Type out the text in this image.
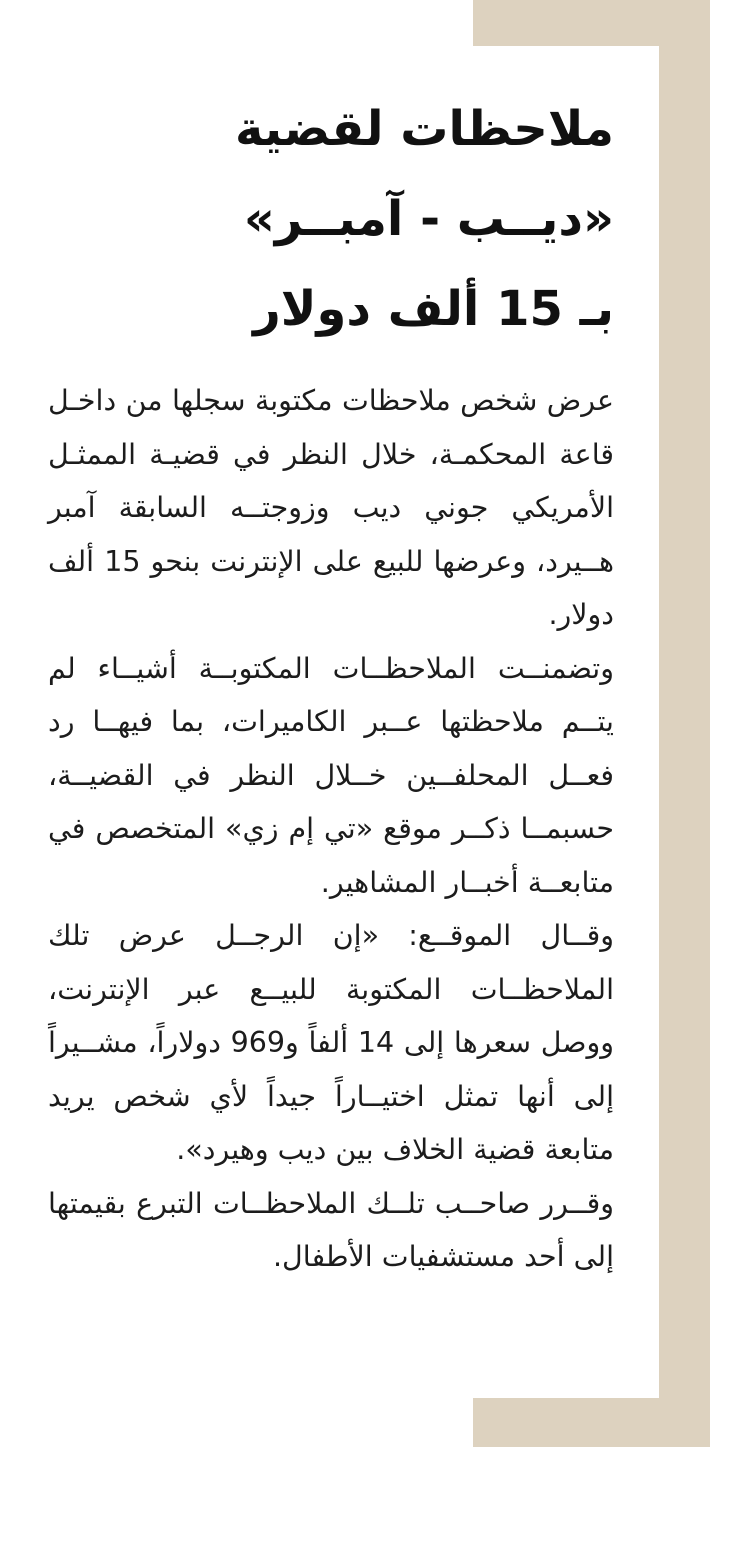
ملاحظات لقضية
«ديــب - آمبــر»
بـ 15 ألف دولار

عرض شخص ملاحظات مكتوبة سجلها من داخـل قاعة المحكمـة، خلال النظر في قضيـة الممثـل الأمريكي جوني ديب وزوجتــه السابقة آمبر هــيرد، وعرضها للبيع على الإنترنت بنحو 15 ألف دولار.

وتضمنــت الملاحظــات المكتوبــة أشيــاء لم يتــم ملاحظتها عــبر الكاميرات، بما فيهــا رد فعــل المحلفــين خــلال النظر في القضيــة، حسبمــا ذكــر موقع «تي إم زي» المتخصص في متابعــة أخبــار المشاهير.

وقــال الموقــع: «إن الرجــل عرض تلك الملاحظــات المكتوبة للبيــع عبر الإنترنت، ووصل سعرها إلى 14 ألفاً و969 دولاراً، مشــيراً إلى أنها تمثل اختيــاراً جيداً لأي شخص يريد متابعة قضية الخلاف بين ديب وهيرد».

وقــرر صاحــب تلــك الملاحظــات التبرع بقيمتها إلى أحد مستشفيات الأطفال.
